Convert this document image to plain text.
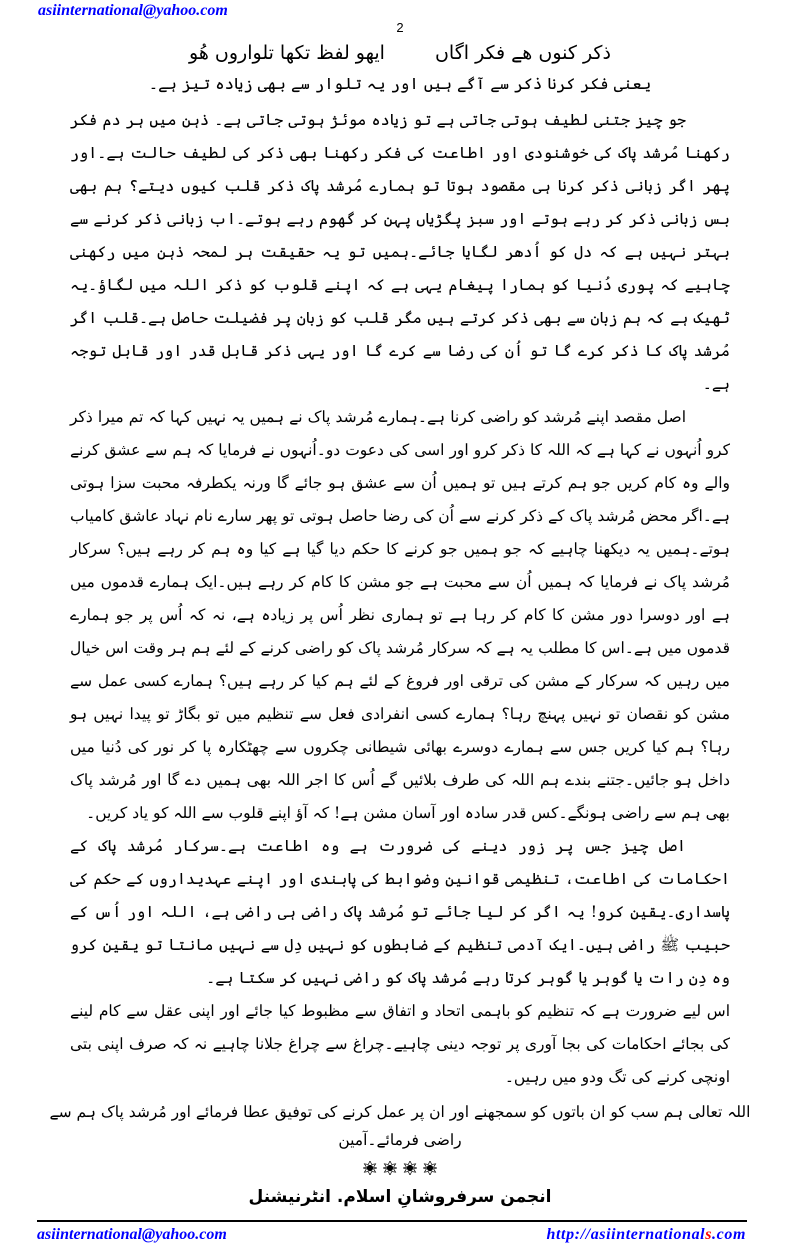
asiinternational@yahoo.com
2
ذکر کنوں ھے فکر اگاں ایھو لفظ تکھا تلواروں ھُو
یعنی فکر کرنا ذکر سے آگے ہیں اور یہ تلوار سے بھی زیادہ تیز ہے۔

جو چیز جتنی لطیف ہوتی جاتی ہے تو زیادہ موئژ ہوتی جاتی ہے۔ ذہن میں ہر دم فکر رکھنا مُرشد پاک کی خوشنودی اور اطاعت کی فکر رکھنا بھی ذکر کی لطیف حالت ہے۔اور پھر اگر زبانی ذکر کرنا ہی مقصود ہوتا تو ہمارے مُرشد پاک ذکر قلب کیوں دیتے؟ ہم بھی بس زبانی ذکر کر رہے ہوتے اور سبز پگڑیاں پہن کر گھوم رہے ہوتے۔اب زبانی ذکر کرنے سے بہتر نہیں ہے کہ دل کو اُدھر لگایا جائے۔ہمیں تو یہ حقیقت ہر لمحہ ذہن میں رکھنی چاہیے کہ پوری دُنیا کو ہمارا پیغام یہی ہے کہ اپنے قلوب کو ذکر اللہ میں لگاؤ۔یہ ٹھیک ہے کہ ہم زبان سے بھی ذکر کرتے ہیں مگر قلب کو زبان پر فضیلت حاصل ہے۔قلب اگر مُرشد پاک کا ذکر کرے گا تو اُن کی رضا سے کرے گا اور یہی ذکر قابل قدر اور قابل توجہ ہے۔

اصل مقصد اپنے مُرشد کو راضی کرنا ہے۔ہمارے مُرشد پاک نے ہمیں یہ نہیں کہا کہ تم میرا ذکر کرو اُنہوں نے کہا ہے کہ اللہ کا ذکر کرو اور اسی کی دعوت دو۔اُنہوں نے فرمایا کہ ہم سے عشق کرنے والے وہ کام کریں جو ہم کرتے ہیں تو ہمیں اُن سے عشق ہو جائے گا ورنہ یکطرفہ محبت سزا ہوتی ہے۔اگر محض مُرشد پاک کے ذکر کرنے سے اُن کی رضا حاصل ہوتی تو پھر سارے نام نہاد عاشق کامیاب ہوتے۔ہمیں یہ دیکھنا چاہیے کہ جو ہمیں جو کرنے کا حکم دیا گیا ہے کیا وہ ہم کر رہے ہیں؟ سرکار مُرشد پاک نے فرمایا کہ ہمیں اُن سے محبت ہے جو مشن کا کام کر رہے ہیں۔ایک ہمارے قدموں میں ہے اور دوسرا دور مشن کا کام کر رہا ہے تو ہماری نظر اُس پر زیادہ ہے، نہ کہ اُس پر جو ہمارے قدموں میں ہے۔اس کا مطلب یہ ہے کہ سرکار مُرشد پاک کو راضی کرنے کے لئے ہم ہر وقت اس خیال میں رہیں کہ سرکار کے مشن کی ترقی اور فروغ کے لئے ہم کیا کر رہے ہیں؟ ہمارے کسی عمل سے مشن کو نقصان تو نہیں پہنچ رہا؟ ہمارے کسی انفرادی فعل سے تنظیم میں تو بگاڑ تو پیدا نہیں ہو رہا؟ ہم کیا کریں جس سے ہمارے دوسرے بھائی شیطانی چکروں سے چھٹکارہ پا کر نور کی دُنیا میں داخل ہو جائیں۔جتنے بندے ہم اللہ کی طرف بلائیں گے اُس کا اجر اللہ بھی ہمیں دے گا اور مُرشد پاک بھی ہم سے راضی ہونگے۔کس قدر سادہ اور آسان مشن ہے! کہ آؤ اپنے قلوب سے اللہ کو یاد کریں۔

اصل چیز جس پر زور دینے کی ضرورت ہے وہ اطاعت ہے۔سرکار مُرشد پاک کے احکامات کی اطاعت، تنظیمی قوانین وضوابط کی پابندی اور اپنے عہدیداروں کے حکم کی پاسداری۔یقین کرو! یہ اگر کر لیا جائے تو مُرشد پاک راضی ہی راضی ہے، اللہ اور اُس کے حبیب ﷺ راضی ہیں۔ایک آدمی تنظیم کے ضابطوں کو نہیں دِل سے نہیں مانتا تو یقین کرو وہ دِن رات یا گوہر یا گوہر کرتا رہے مُرشد پاک کو راضی نہیں کر سکتا ہے۔

اس لیے ضرورت ہے کہ تنظیم کو باہمی اتحاد و اتفاق سے مظبوط کیا جائے اور اپنی عقل سے کام لینے کی بجائے احکامات کی بجا آوری پر توجہ دینی چاہیے۔چراغ سے چراغ جلانا چاہیے نہ کہ صرف اپنی بتی اونچی کرنے کی تگ ودو میں رہیں۔

اللہ تعالی ہم سب کو ان باتوں کو سمجھنے اور ان پر عمل کرنے کی توفیق عطا فرمائے اور مُرشد پاک ہم سے راضی فرمائے۔آمین
انجمن سرفروشانِ اسلام. انٹرنیشنل
asiinternational@yahoo.com	http://asiinternationals.com
